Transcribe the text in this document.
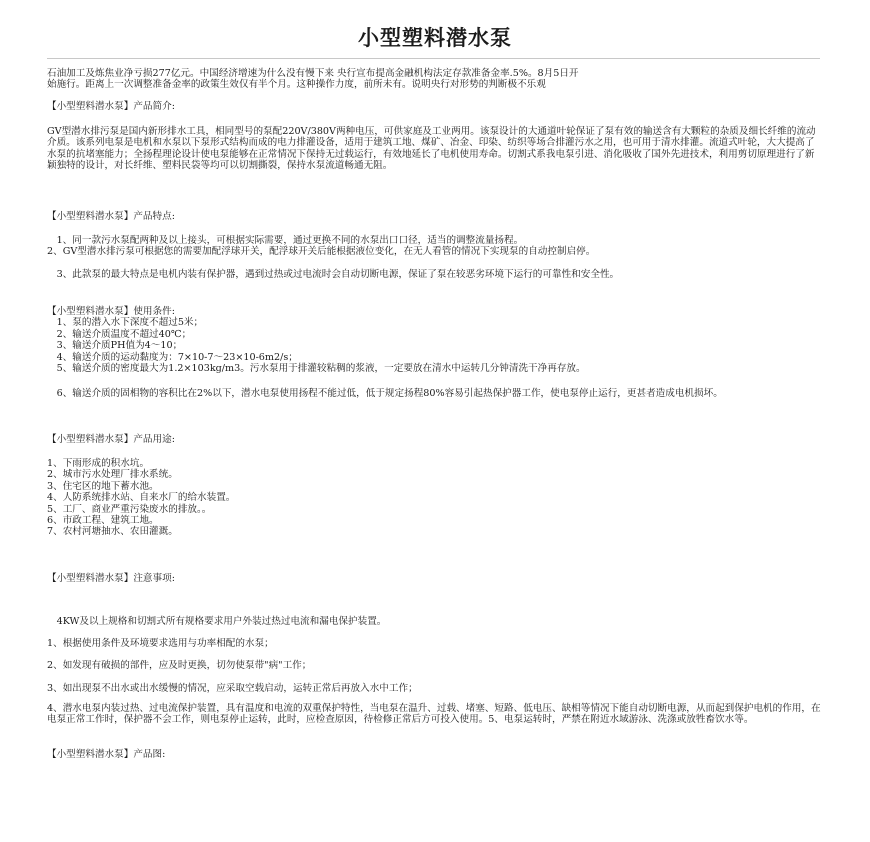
小型塑料潜水泵
石油加工及炼焦业净亏损277亿元。中国经济增速为什么没有慢下来 央行宣布提高金融机构法定存款准备金率.5%。8月5日开
始施行。距离上一次调整准备金率的政策生效仅有半个月。这种操作力度，前所未有。说明央行对形势的判断极不乐观
【小型塑料潜水泵】产品简介:
GV型潜水排污泵是国内新形排水工具，相同型号的泵配220V/380V两种电压，可供家庭及工业两用。该泵设计的大通道叶轮保证了泵有效的输送含有大颗粒的杂质及细长纤维的流动介质。该系列电泵是电机和水泵以下泵形式结构而成的电力排灌设备，适用于建筑工地、煤矿、冶金、印染、纺织等场合排灌污水之用，也可用于清水排灌。流道式叶轮，大大提高了水泵的抗堵塞能力；全扬程理论设计使电泵能够在正常情况下保持无过载运行，有效地延长了电机使用寿命。切割式系我电泵引进、消化吸收了国外先进技术，利用剪切原理进行了新颖独特的设计，对长纤维、塑料民袋等均可以切割撕裂，保持水泵流道畅通无阻。
【小型塑料潜水泵】产品特点:
　1、同一款污水泵配两种及以上接头，可根据实际需要，通过更换不同的水泵出口口径，适当的调整流量扬程。
2、GV型潜水排污泵可根据您的需要加配浮球开关，配浮球开关后能根据液位变化，在无人看管的情况下实现泵的自动控制启停。
　3、此款泵的最大特点是电机内装有保护器，遇到过热或过电流时会自动切断电源，保证了泵在较恶劣环境下运行的可靠性和安全性。
【小型塑料潜水泵】使用条件:
　1、泵的潜入水下深度不超过5米；
　2、输送介质温度不超过40℃；
　3、输送介质PH值为4～10；
　4、输送介质的运动黏度为：7×10-7～23×10-6m2/s；
　5、输送介质的密度最大为1.2×103kg/m3。污水泵用于排灌较粘稠的浆液，一定要放在清水中运转几分钟清洗干净再存放。
　6、输送介质的固相物的容积比在2%以下，潜水电泵使用扬程不能过低，低于规定扬程80%容易引起热保护器工作，使电泵停止运行，更甚者造成电机损坏。
【小型塑料潜水泵】产品用途:
1、下雨形成的积水坑。
2、城市污水处理厂排水系统。
3、住宅区的地下蓄水池。
4、人防系统排水站、自来水厂的给水装置。
5、工厂、商业严重污染废水的排放。。
6、市政工程、建筑工地。
7、农村河塘抽水、农田灌溉。
【小型塑料潜水泵】注意事项:
　4KW及以上规格和切割式所有规格要求用户外装过热过电流和漏电保护装置。
1、根据使用条件及环境要求选用与功率相配的水泵；
2、如发现有破损的部件，应及时更换，切勿使泵带"病"工作；
3、如出现泵不出水或出水缓慢的情况，应采取空载启动，运转正常后再放入水中工作；
4、潜水电泵内装过热、过电流保护装置，具有温度和电流的双重保护特性，当电泵在温升、过载、堵塞、短路、低电压、缺相等情况下能自动切断电源，从而起到保护电机的作用，在电泵正常工作时，保护器不会工作，则电泵停止运转，此时，应检查原因，待检修正常后方可投入使用。5、电泵运转时，严禁在附近水域游泳、洗涤或放牲畜饮水等。
【小型塑料潜水泵】产品图:
